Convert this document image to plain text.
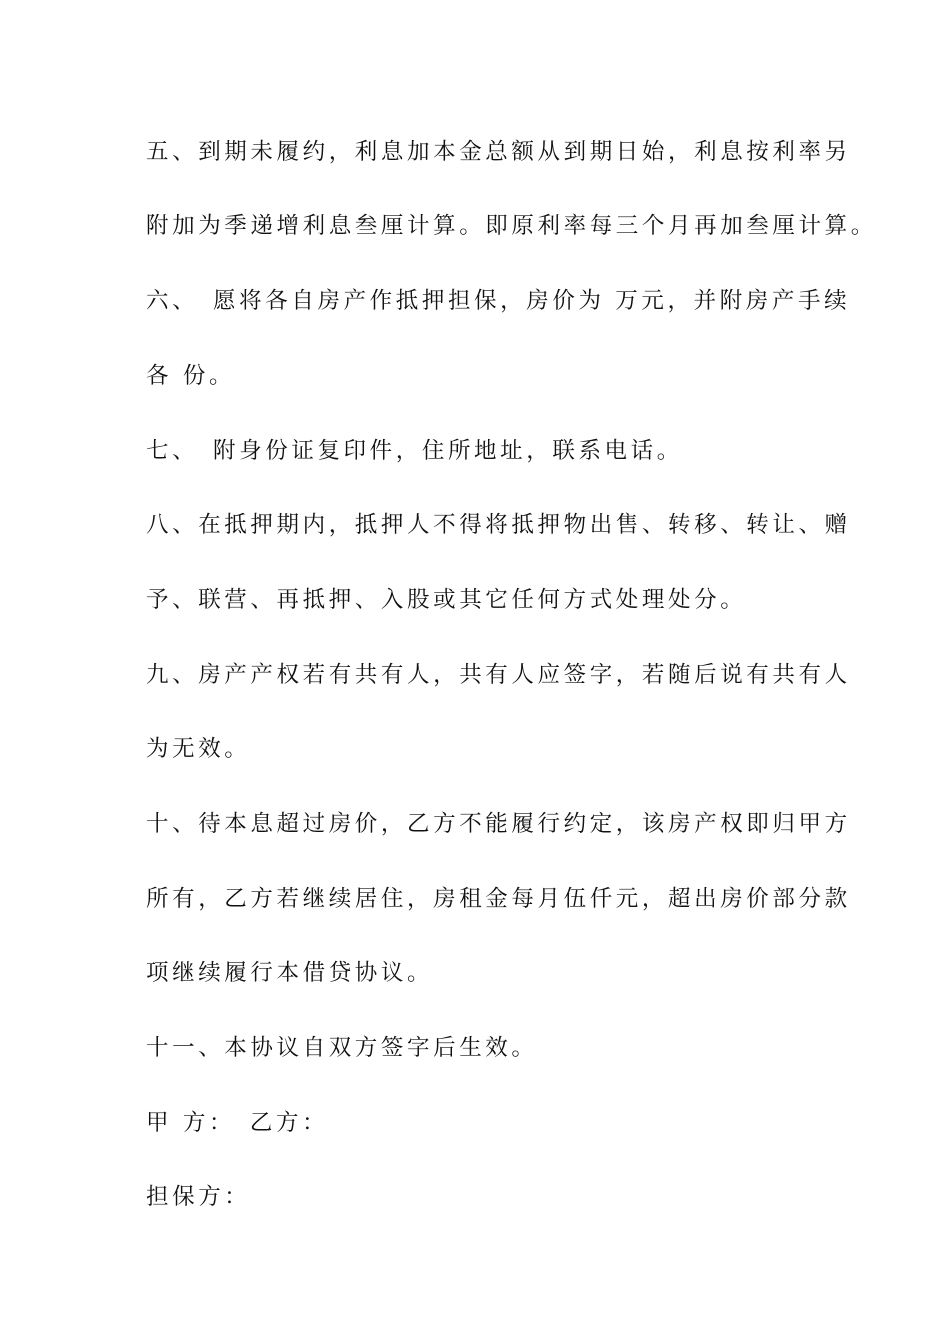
五、到期未履约，利息加本金总额从到期日始，利息按利率另
附加为季递增利息叁厘计算。即原利率每三个月再加叁厘计算。
六、　愿将各自房产作抵押担保，房价为 万元，并附房产手续
各 份。
七、　附身份证复印件，住所地址，联系电话。
八、在抵押期内，抵押人不得将抵押物出售、转移、转让、赠
予、联营、再抵押、入股或其它任何方式处理处分。
九、房产产权若有共有人，共有人应签字，若随后说有共有人
为无效。
十、待本息超过房价，乙方不能履行约定，该房产权即归甲方
所有，乙方若继续居住，房租金每月伍仟元，超出房价部分款
项继续履行本借贷协议。
十一、本协议自双方签字后生效。
甲 方：　乙方：
担保方：
